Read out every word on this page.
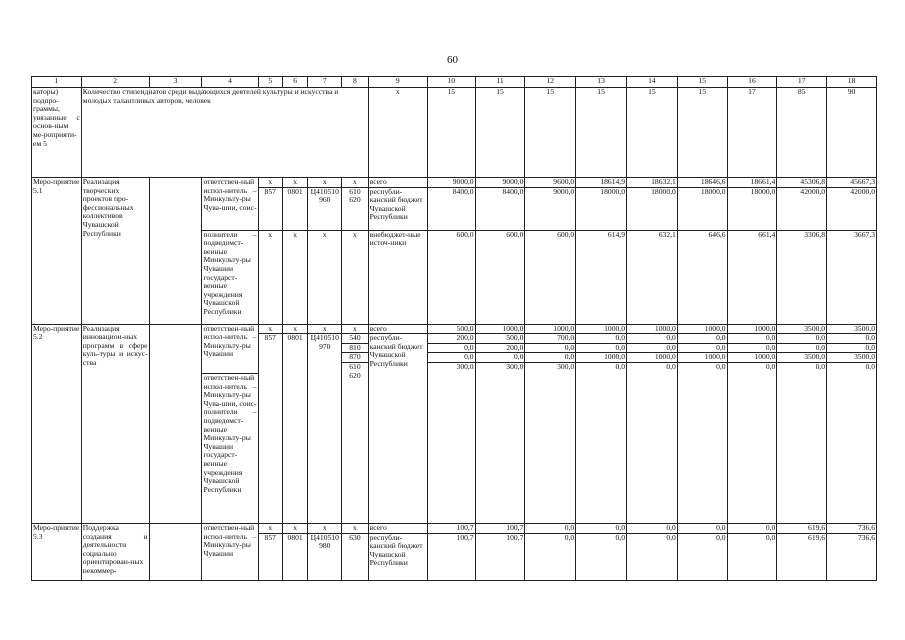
60
1	2	3	4	5	6	7	8	9	10	11	12	13	14	15	16	17	18
каторы) подпро-граммы, увязанные с основ-ным ме-роприяти-ем 5	Количество стипендиатов среди выдающихся деятелей культуры и искусства и молодых талантливых авторов, человек							x	15	15	15	15	15	15	17	85	90
Меро-приятие 5.1	Реализация творческих проектов про-фессиональных коллективов Чувашской Республики		ответствен-ный испол-нитель – Минкульту-ры Чува-шии, соис-	x	x	x	x	всего	9000,0	9000,0	9600,0	18614,9	18632,1	18646,6	18661,4	45306,8	45667,3
				857	0801	Ц410510 960	610 620	республи-канский бюджет Чувашской Республики	8400,0	8400,0	9000,0	18000,0	18000,0	18000,0	18000,0	42000,0	42000,0
			полнители – подведомст-венные Минкульту-ры Чувашии государст-венные учреждения Чувашской Республики	x	x	x	x	внебюджет-ные источ-ники	600,0	600,0	600,0	614,9	632,1	646,6	661,4	3306,8	3667,3
Меро-приятие 5.2	Реализация инновацион-ных программ в сфере куль-туры и искус-ства		ответствен-ный испол-нитель – Минкульту-ры Чувашии	x	x	x	x	всего	500,0	1000,0	1000,0	1000,0	1000,0	1000,0	1000,0	3500,0	3500,0
				857	0801	Ц410510 970	540	республи-канский бюджет Чувашской Республики	200,0	500,0	700,0	0,0	0,0	0,0	0,0	0,0	0,0
							810		0,0	200,0	0,0	0,0	0,0	0,0	0,0	0,0	0,0
							870		0,0	0,0	0,0	1000,0	1000,0	1000,0	1000,0	3500,0	3500,0
							610 620		300,0	300,0	300,0	0,0	0,0	0,0	0,0	0,0	0,0
			ответствен-ный испол-нитель – Минкульту-ры Чува-шии, соис-полнители – подведомст-венные Минкульту-ры Чувашии государст-венные учреждения Чувашской Республики														
Меро-приятие 5.3	Поддержка создания и деятельности социально ориентирован-ных некоммер-		ответствен-ный испол-нитель – Минкульту-ры Чувашии	x	x	x	x	всего	100,7	100,7	0,0	0,0	0,0	0,0	0,0	619,6	736,6
				857	0801	Ц410510 980	630	республи-канский бюджет Чувашской Республики	100,7	100,7	0,0	0,0	0,0	0,0	0,0	619,6	736,6
